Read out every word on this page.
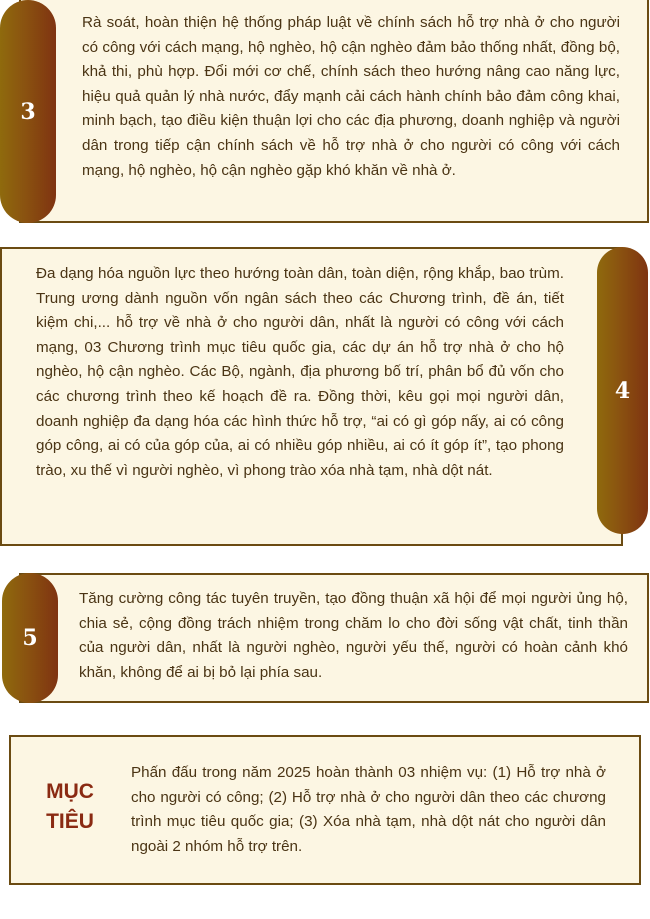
3

Rà soát, hoàn thiện hệ thống pháp luật về chính sách hỗ trợ nhà ở cho người có công với cách mạng, hộ nghèo, hộ cận nghèo đảm bảo thống nhất, đồng bộ, khả thi, phù hợp. Đổi mới cơ chế, chính sách theo hướng nâng cao năng lực, hiệu quả quản lý nhà nước, đẩy mạnh cải cách hành chính bảo đảm công khai, minh bạch, tạo điều kiện thuận lợi cho các địa phương, doanh nghiệp và người dân trong tiếp cận chính sách về hỗ trợ nhà ở cho người có công với cách mạng, hộ nghèo, hộ cận nghèo gặp khó khăn về nhà ở.

4

Đa dạng hóa nguồn lực theo hướng toàn dân, toàn diện, rộng khắp, bao trùm. Trung ương dành nguồn vốn ngân sách theo các Chương trình, đề án, tiết kiệm chi,... hỗ trợ về nhà ở cho người dân, nhất là người có công với cách mạng, 03 Chương trình mục tiêu quốc gia, các dự án hỗ trợ nhà ở cho hộ nghèo, hộ cận nghèo. Các Bộ, ngành, địa phương bố trí, phân bổ đủ vốn cho các chương trình theo kế hoạch đề ra. Đồng thời, kêu gọi mọi người dân, doanh nghiệp đa dạng hóa các hình thức hỗ trợ, “ai có gì góp nấy, ai có công góp công, ai có của góp của, ai có nhiều góp nhiều, ai có ít góp ít”, tạo phong trào, xu thế vì người nghèo, vì phong trào xóa nhà tạm, nhà dột nát.

5

Tăng cường công tác tuyên truyền, tạo đồng thuận xã hội để mọi người ủng hộ, chia sẻ, cộng đồng trách nhiệm trong chăm lo cho đời sống vật chất, tinh thần của người dân, nhất là người nghèo, người yếu thế, người có hoàn cảnh khó khăn, không để ai bị bỏ lại phía sau.

MỤC
TIÊU

Phấn đấu trong năm 2025 hoàn thành 03 nhiệm vụ: (1) Hỗ trợ nhà ở cho người có công; (2) Hỗ trợ nhà ở cho người dân theo các chương trình mục tiêu quốc gia; (3) Xóa nhà tạm, nhà dột nát cho người dân ngoài 2 nhóm hỗ trợ trên.
